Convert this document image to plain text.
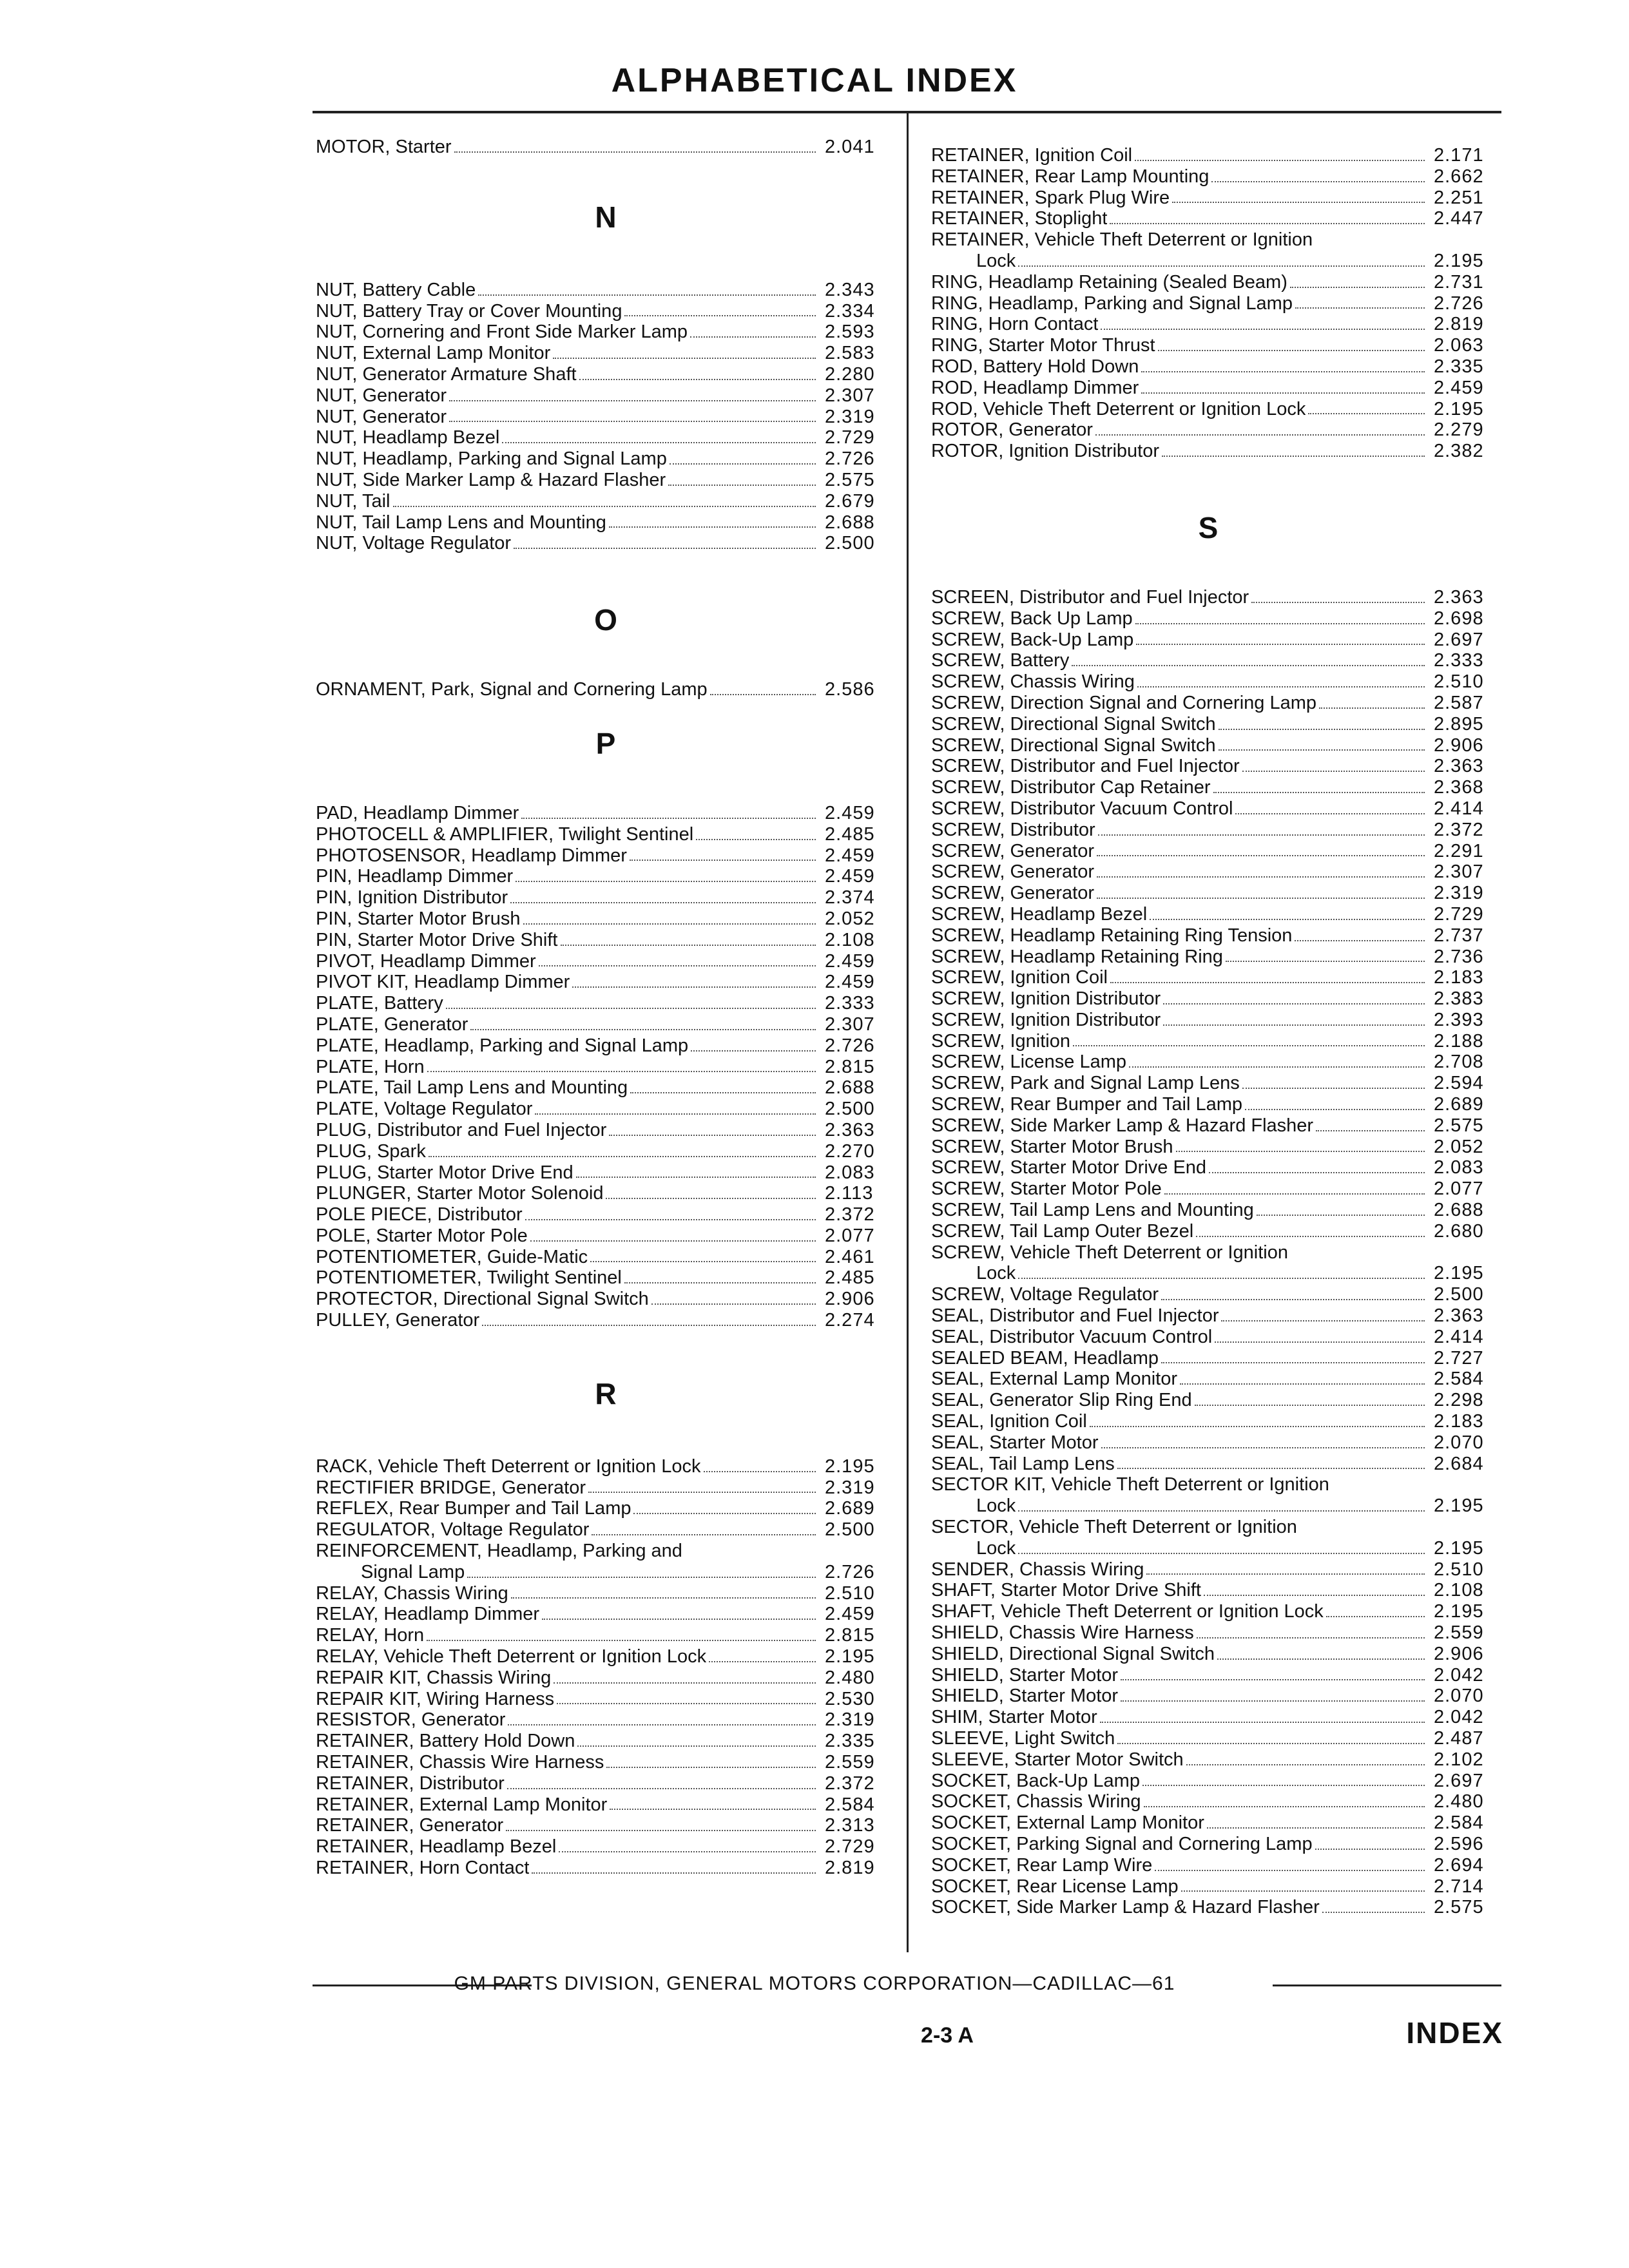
ALPHABETICAL INDEX
MOTOR, Starter	2.041
N
NUT, Battery Cable	2.343
NUT, Battery Tray or Cover Mounting	2.334
NUT, Cornering and Front Side Marker Lamp	2.593
NUT, External Lamp Monitor	2.583
NUT, Generator Armature Shaft	2.280
NUT, Generator	2.307
NUT, Generator	2.319
NUT, Headlamp Bezel	2.729
NUT, Headlamp, Parking and Signal Lamp	2.726
NUT, Side Marker Lamp & Hazard Flasher	2.575
NUT, Tail	2.679
NUT, Tail Lamp Lens and Mounting	2.688
NUT, Voltage Regulator	2.500
O
ORNAMENT, Park, Signal and Cornering Lamp	2.586
P
PAD, Headlamp Dimmer	2.459
PHOTOCELL & AMPLIFIER, Twilight Sentinel	2.485
PHOTOSENSOR, Headlamp Dimmer	2.459
PIN, Headlamp Dimmer	2.459
PIN, Ignition Distributor	2.374
PIN, Starter Motor Brush	2.052
PIN, Starter Motor Drive Shift	2.108
PIVOT, Headlamp Dimmer	2.459
PIVOT KIT, Headlamp Dimmer	2.459
PLATE, Battery	2.333
PLATE, Generator	2.307
PLATE, Headlamp, Parking and Signal Lamp	2.726
PLATE, Horn	2.815
PLATE, Tail Lamp Lens and Mounting	2.688
PLATE, Voltage Regulator	2.500
PLUG, Distributor and Fuel Injector	2.363
PLUG, Spark	2.270
PLUG, Starter Motor Drive End	2.083
PLUNGER, Starter Motor Solenoid	2.113
POLE PIECE, Distributor	2.372
POLE, Starter Motor Pole	2.077
POTENTIOMETER, Guide-Matic	2.461
POTENTIOMETER, Twilight Sentinel	2.485
PROTECTOR, Directional Signal Switch	2.906
PULLEY, Generator	2.274
R
RACK, Vehicle Theft Deterrent or Ignition Lock	2.195
RECTIFIER BRIDGE, Generator	2.319
REFLEX, Rear Bumper and Tail Lamp	2.689
REGULATOR, Voltage Regulator	2.500
REINFORCEMENT, Headlamp, Parking and
Signal Lamp	2.726
RELAY, Chassis Wiring	2.510
RELAY, Headlamp Dimmer	2.459
RELAY, Horn	2.815
RELAY, Vehicle Theft Deterrent or Ignition Lock	2.195
REPAIR KIT, Chassis Wiring	2.480
REPAIR KIT, Wiring Harness	2.530
RESISTOR, Generator	2.319
RETAINER, Battery Hold Down	2.335
RETAINER, Chassis Wire Harness	2.559
RETAINER, Distributor	2.372
RETAINER, External Lamp Monitor	2.584
RETAINER, Generator	2.313
RETAINER, Headlamp Bezel	2.729
RETAINER, Horn Contact	2.819
RETAINER, Ignition Coil	2.171
RETAINER, Rear Lamp Mounting	2.662
RETAINER, Spark Plug Wire	2.251
RETAINER, Stoplight	2.447
RETAINER, Vehicle Theft Deterrent or Ignition
Lock	2.195
RING, Headlamp Retaining (Sealed Beam)	2.731
RING, Headlamp, Parking and Signal Lamp	2.726
RING, Horn Contact	2.819
RING, Starter Motor Thrust	2.063
ROD, Battery Hold Down	2.335
ROD, Headlamp Dimmer	2.459
ROD, Vehicle Theft Deterrent or Ignition Lock	2.195
ROTOR, Generator	2.279
ROTOR, Ignition Distributor	2.382
S
SCREEN, Distributor and Fuel Injector	2.363
SCREW, Back Up Lamp	2.698
SCREW, Back-Up Lamp	2.697
SCREW, Battery	2.333
SCREW, Chassis Wiring	2.510
SCREW, Direction Signal and Cornering Lamp	2.587
SCREW, Directional Signal Switch	2.895
SCREW, Directional Signal Switch	2.906
SCREW, Distributor and Fuel Injector	2.363
SCREW, Distributor Cap Retainer	2.368
SCREW, Distributor Vacuum Control	2.414
SCREW, Distributor	2.372
SCREW, Generator	2.291
SCREW, Generator	2.307
SCREW, Generator	2.319
SCREW, Headlamp Bezel	2.729
SCREW, Headlamp Retaining Ring Tension	2.737
SCREW, Headlamp Retaining Ring	2.736
SCREW, Ignition Coil	2.183
SCREW, Ignition Distributor	2.383
SCREW, Ignition Distributor	2.393
SCREW, Ignition	2.188
SCREW, License Lamp	2.708
SCREW, Park and Signal Lamp Lens	2.594
SCREW, Rear Bumper and Tail Lamp	2.689
SCREW, Side Marker Lamp & Hazard Flasher	2.575
SCREW, Starter Motor Brush	2.052
SCREW, Starter Motor Drive End	2.083
SCREW, Starter Motor Pole	2.077
SCREW, Tail Lamp Lens and Mounting	2.688
SCREW, Tail Lamp Outer Bezel	2.680
SCREW, Vehicle Theft Deterrent or Ignition
Lock	2.195
SCREW, Voltage Regulator	2.500
SEAL, Distributor and Fuel Injector	2.363
SEAL, Distributor Vacuum Control	2.414
SEALED BEAM, Headlamp	2.727
SEAL, External Lamp Monitor	2.584
SEAL, Generator Slip Ring End	2.298
SEAL, Ignition Coil	2.183
SEAL, Starter Motor	2.070
SEAL, Tail Lamp Lens	2.684
SECTOR KIT, Vehicle Theft Deterrent or Ignition
Lock	2.195
SECTOR, Vehicle Theft Deterrent or Ignition
Lock	2.195
SENDER, Chassis Wiring	2.510
SHAFT, Starter Motor Drive Shift	2.108
SHAFT, Vehicle Theft Deterrent or Ignition Lock	2.195
SHIELD, Chassis Wire Harness	2.559
SHIELD, Directional Signal Switch	2.906
SHIELD, Starter Motor	2.042
SHIELD, Starter Motor	2.070
SHIM, Starter Motor	2.042
SLEEVE, Light Switch	2.487
SLEEVE, Starter Motor Switch	2.102
SOCKET, Back-Up Lamp	2.697
SOCKET, Chassis Wiring	2.480
SOCKET, External Lamp Monitor	2.584
SOCKET, Parking Signal and Cornering Lamp	2.596
SOCKET, Rear Lamp Wire	2.694
SOCKET, Rear License Lamp	2.714
SOCKET, Side Marker Lamp & Hazard Flasher	2.575
GM PARTS DIVISION, GENERAL MOTORS CORPORATION—CADILLAC—61
2-3 A	INDEX
